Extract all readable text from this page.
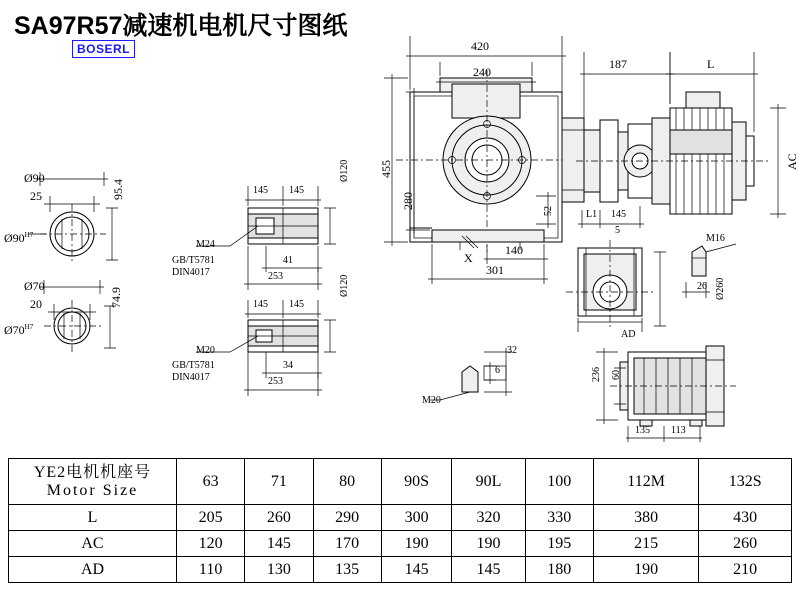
SA97R57减速机电机尺寸图纸
BOSERL
Ø90
25	95.4
$Ø90^{H7}$
Ø70
20	74.9
$Ø70^{H7}$
145 145
Ø120
M24
GB/T5781
DIN4017
41
253
145 145
Ø120
M20
GB/T5781
DIN4017
34
253
420
240
187	L
AC
455
280
52
140
X
301
L1 145
5
M16
Ø260
26
AD
32
6
M20
236 60
135 113
YE2电机机座号
Motor Size	63	71	80	90S	90L	100	112M	132S
L	205	260	290	300	320	330	380	430
AC	120	145	170	190	190	195	215	260
AD	110	130	135	145	145	180	190	210
